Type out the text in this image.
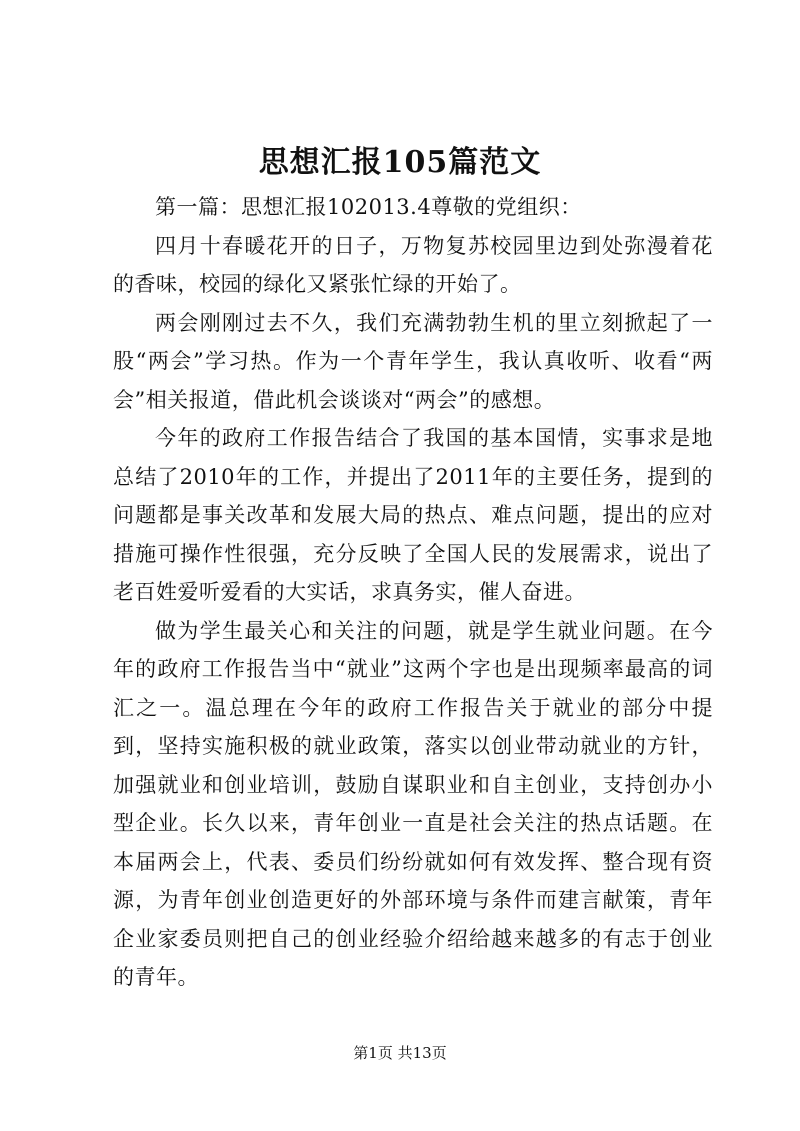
思想汇报105篇范文

第一篇：思想汇报102013.4尊敬的党组织：

四月十春暖花开的日子，万物复苏校园里边到处弥漫着花的香味，校园的绿化又紧张忙绿的开始了。

两会刚刚过去不久，我们充满勃勃生机的里立刻掀起了一股“两会”学习热。作为一个青年学生，我认真收听、收看“两会”相关报道，借此机会谈谈对“两会”的感想。

今年的政府工作报告结合了我国的基本国情，实事求是地总结了2010年的工作，并提出了2011年的主要任务，提到的问题都是事关改革和发展大局的热点、难点问题，提出的应对措施可操作性很强，充分反映了全国人民的发展需求，说出了老百姓爱听爱看的大实话，求真务实，催人奋进。

做为学生最关心和关注的问题，就是学生就业问题。在今年的政府工作报告当中“就业”这两个字也是出现频率最高的词汇之一。温总理在今年的政府工作报告关于就业的部分中提到，坚持实施积极的就业政策，落实以创业带动就业的方针，加强就业和创业培训，鼓励自谋职业和自主创业，支持创办小型企业。长久以来，青年创业一直是社会关注的热点话题。在本届两会上，代表、委员们纷纷就如何有效发挥、整合现有资源，为青年创业创造更好的外部环境与条件而建言献策，青年企业家委员则把自己的创业经验介绍给越来越多的有志于创业的青年。

第1页 共13页
